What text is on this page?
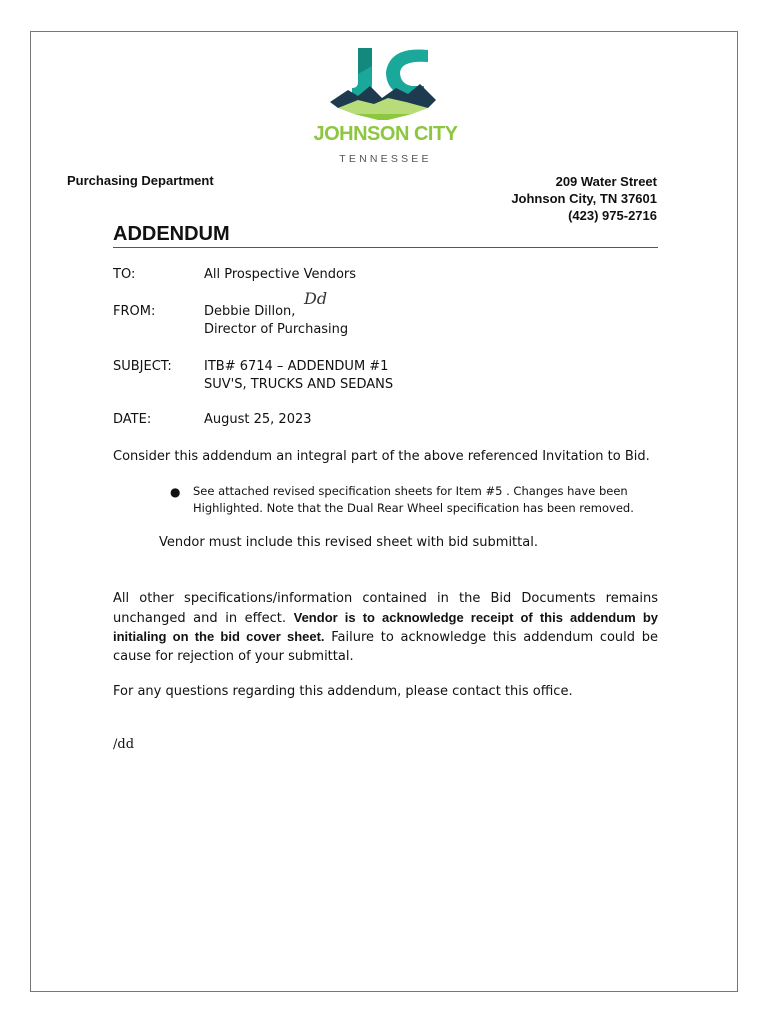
JOHNSON CITY
TENNESSEE
Purchasing Department	209 Water Street
Johnson City, TN 37601
(423) 975-2716
ADDENDUM
TO:	All Prospective Vendors
FROM:	Debbie Dillon,
Dd
Director of Purchasing
SUBJECT: ITB# 6714 – ADDENDUM #1
SUV'S, TRUCKS AND SEDANS
DATE:	August 25, 2023
Consider this addendum an integral part of the above referenced Invitation to Bid.
● See attached revised specification sheets for Item #5 . Changes have been
Highlighted. Note that the Dual Rear Wheel specification has been removed.
Vendor must include this revised sheet with bid submittal.
All other specifications/information contained in the Bid Documents remains unchanged and in effect. Vendor is to acknowledge receipt of this addendum by initialing on the bid cover sheet. Failure to acknowledge this addendum could be cause for rejection of your submittal.
For any questions regarding this addendum, please contact this office.
/dd
